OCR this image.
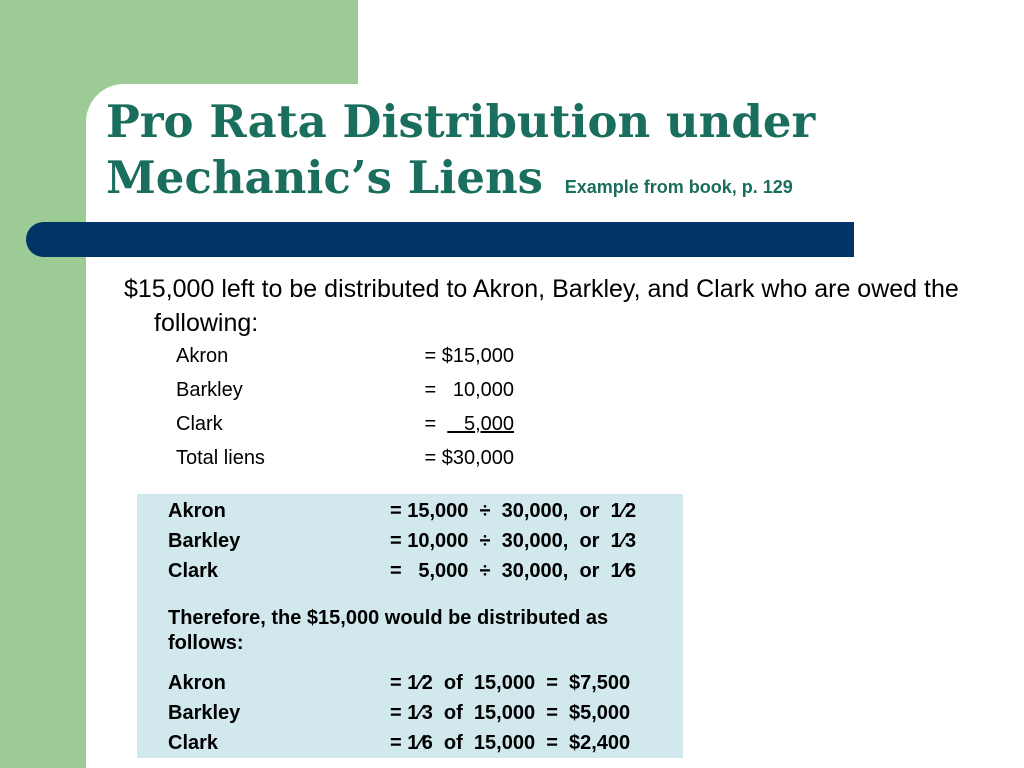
Pro Rata Distribution under
Mechanic’s Liens Example from book, p. 129

$15,000 left to be distributed to Akron, Barkley, and Clark who are owed the following:

Akron	= $15,000
Barkley	=   10,000
Clark	=     5,000
Total liens	= $30,000
Akron	= 15,000  ÷  30,000,  or  1⁄2
Barkley	= 10,000  ÷  30,000,  or  1⁄3
Clark	=   5,000  ÷  30,000,  or  1⁄6

Therefore, the $15,000 would be distributed as follows:

Akron	= 1⁄2  of  15,000  =  $7,500
Barkley	= 1⁄3  of  15,000  =  $5,000
Clark	= 1⁄6  of  15,000  =  $2,400
